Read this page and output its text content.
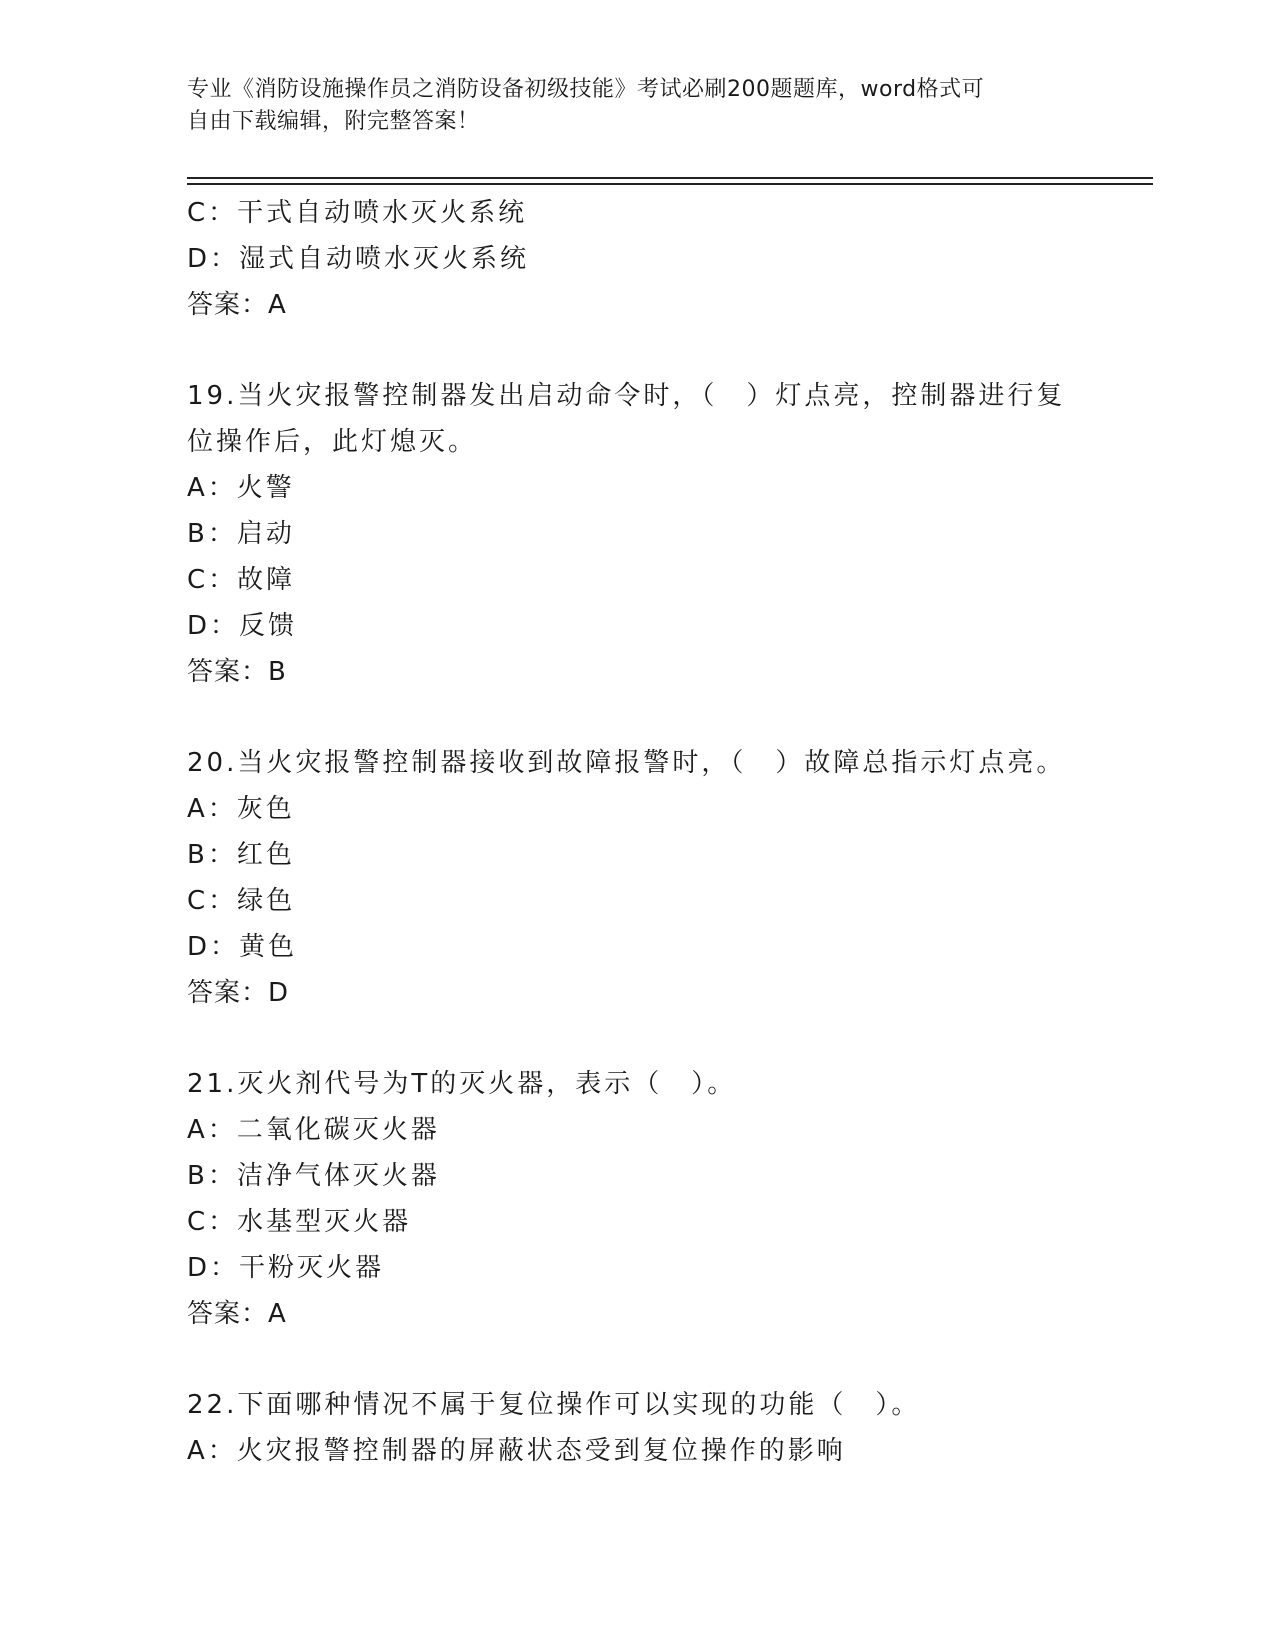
专业《消防设施操作员之消防设备初级技能》考试必刷200题题库，word格式可
自由下载编辑，附完整答案！
C：干式自动喷水灭火系统
D：湿式自动喷水灭火系统
答案：A
19.当火灾报警控制器发出启动命令时，（　）灯点亮，控制器进行复
位操作后，此灯熄灭。
A：火警
B：启动
C：故障
D：反馈
答案：B
20.当火灾报警控制器接收到故障报警时，（　）故障总指示灯点亮。
A：灰色
B：红色
C：绿色
D：黄色
答案：D
21.灭火剂代号为T的灭火器，表示（　）。
A：二氧化碳灭火器
B：洁净气体灭火器
C：水基型灭火器
D：干粉灭火器
答案：A
22.下面哪种情况不属于复位操作可以实现的功能（　）。
A：火灾报警控制器的屏蔽状态受到复位操作的影响
